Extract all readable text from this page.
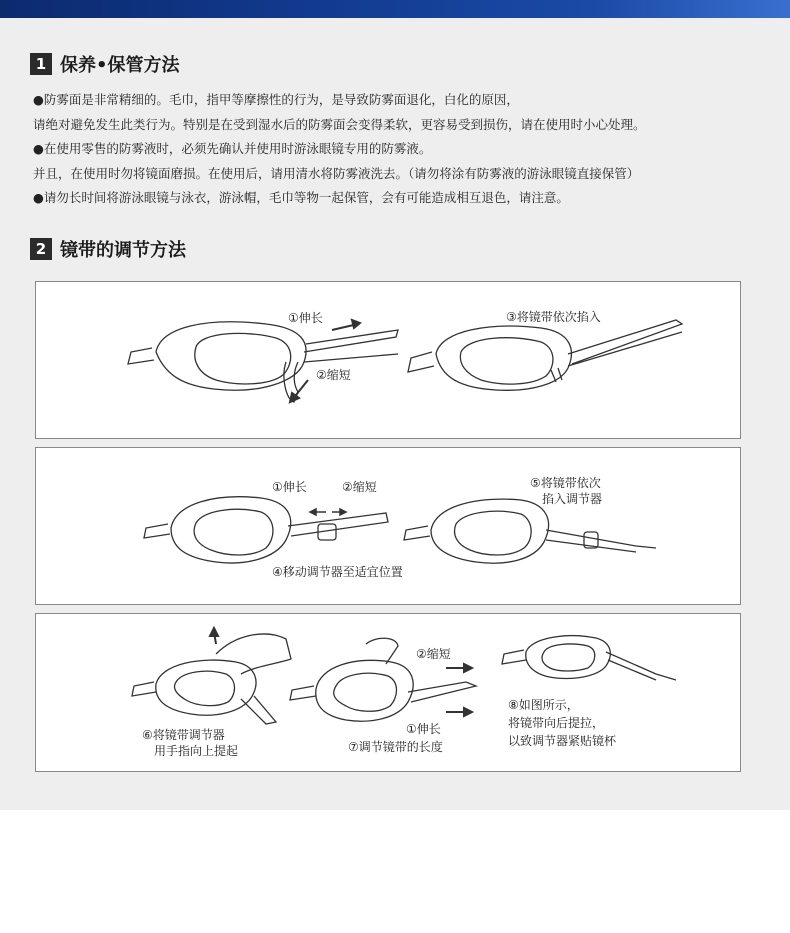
1 保养•保管方法
●防雾面是非常精细的。毛巾，指甲等摩擦性的行为，是导致防雾面退化，白化的原因，
请绝对避免发生此类行为。特别是在受到湿水后的防雾面会变得柔软，更容易受到损伤，请在使用时小心处理。
●在使用零售的防雾液时，必须先确认并使用时游泳眼镜专用的防雾液。
并且，在使用时勿将镜面磨损。在使用后，请用清水将防雾液洗去。（请勿将涂有防雾液的游泳眼镜直接保管）
●请勿长时间将游泳眼镜与泳衣，游泳帽，毛巾等物一起保管，会有可能造成相互退色，请注意。
2 镜带的调节方法
①伸长
②缩短
③将镜带依次掐入
①伸长	②缩短	⑤将镜带依次
掐入调节器
④移动调节器至适宜位置
⑥将镜带调节器
用手指向上提起
②缩短
①伸长
⑦调节镜带的长度
⑧如图所示，
将镜带向后提拉，
以致调节器紧贴镜杯
